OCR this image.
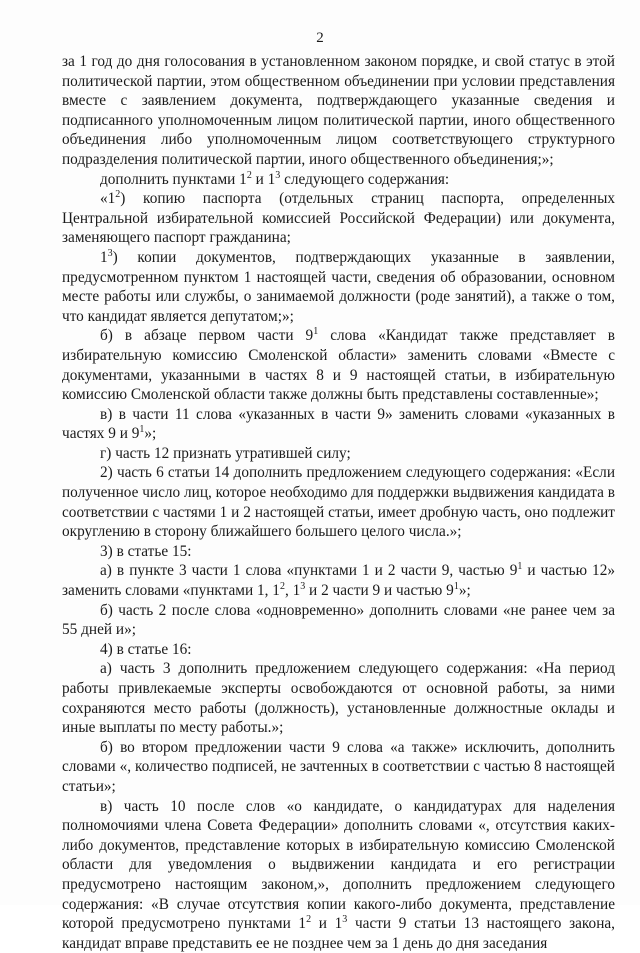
2

за 1 год до дня голосования в установленном законом порядке, и свой статус в этой политической партии, этом общественном объединении при условии представления вместе с заявлением документа, подтверждающего указанные сведения и подписанного уполномоченным лицом политической партии, иного общественного объединения либо уполномоченным лицом соответствующего структурного подразделения политической партии, иного общественного объединения;»;

дополнить пунктами $1^2$ и $1^3$ следующего содержания:

«$1^2$) копию паспорта (отдельных страниц паспорта, определенных Центральной избирательной комиссией Российской Федерации) или документа, заменяющего паспорт гражданина;

$1^3$) копии документов, подтверждающих указанные в заявлении, предусмотренном пунктом 1 настоящей части, сведения об образовании, основном месте работы или службы, о занимаемой должности (роде занятий), а также о том, что кандидат является депутатом;»;

б) в абзаце первом части $9^1$ слова «Кандидат также представляет в избирательную комиссию Смоленской области» заменить словами «Вместе с документами, указанными в частях 8 и 9 настоящей статьи, в избирательную комиссию Смоленской области также должны быть представлены составленные»;

в) в части 11 слова «указанных в части 9» заменить словами «указанных в частях 9 и $9^1$»;

г) часть 12 признать утратившей силу;

2) часть 6 статьи 14 дополнить предложением следующего содержания: «Если полученное число лиц, которое необходимо для поддержки выдвижения кандидата в соответствии с частями 1 и 2 настоящей статьи, имеет дробную часть, оно подлежит округлению в сторону ближайшего большего целого числа.»;

3) в статье 15:

а) в пункте 3 части 1 слова «пунктами 1 и 2 части 9, частью $9^1$ и частью 12» заменить словами «пунктами 1, $1^2$, $1^3$ и 2 части 9 и частью $9^1$»;

б) часть 2 после слова «одновременно» дополнить словами «не ранее чем за 55 дней и»;

4) в статье 16:

а) часть 3 дополнить предложением следующего содержания: «На период работы привлекаемые эксперты освобождаются от основной работы, за ними сохраняются место работы (должность), установленные должностные оклады и иные выплаты по месту работы.»;

б) во втором предложении части 9 слова «а также» исключить, дополнить словами «, количество подписей, не зачтенных в соответствии с частью 8 настоящей статьи»;

в) часть 10 после слов «о кандидате, о кандидатурах для наделения полномочиями члена Совета Федерации» дополнить словами «, отсутствия каких-либо документов, представление которых в избирательную комиссию Смоленской области для уведомления о выдвижении кандидата и его регистрации предусмотрено настоящим законом,», дополнить предложением следующего содержания: «В случае отсутствия копии какого-либо документа, представление которой предусмотрено пунктами $1^2$ и $1^3$ части 9 статьи 13 настоящего закона, кандидат вправе представить ее не позднее чем за 1 день до дня заседания
